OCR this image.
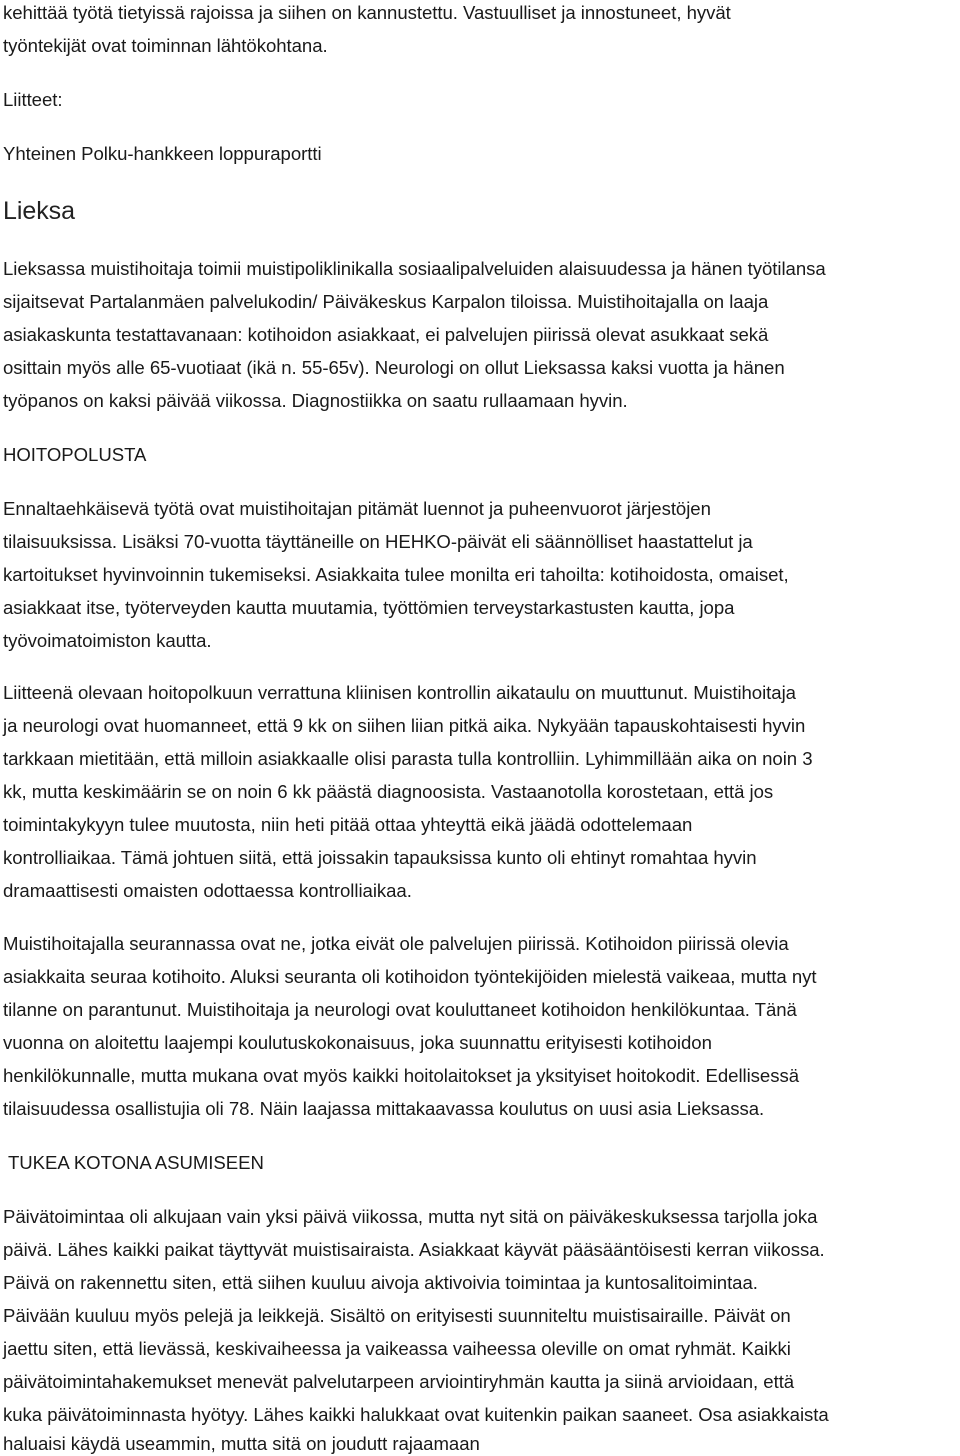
kehittää työtä tietyissä rajoissa ja siihen on kannustettu. Vastuulliset ja innostuneet, hyvät
työntekijät ovat toiminnan lähtökohtana.
Liitteet:
Yhteinen Polku-hankkeen loppuraportti
Lieksa
Lieksassa muistihoitaja toimii muistipoliklinikalla sosiaalipalveluiden alaisuudessa ja hänen työtilansa
sijaitsevat Partalanmäen palvelukodin/ Päiväkeskus Karpalon tiloissa. Muistihoitajalla on laaja
asiakaskunta testattavanaan: kotihoidon asiakkaat, ei palvelujen piirissä olevat asukkaat sekä
osittain myös alle 65-vuotiaat (ikä n. 55-65v). Neurologi on ollut Lieksassa kaksi vuotta ja hänen
työpanos on kaksi päivää viikossa. Diagnostiikka on saatu rullaamaan hyvin.
HOITOPOLUSTA
Ennaltaehkäisevä työtä ovat muistihoitajan pitämät luennot ja puheenvuorot järjestöjen
tilaisuuksissa. Lisäksi 70-vuotta täyttäneille on HEHKO-päivät eli säännölliset haastattelut ja
kartoitukset hyvinvoinnin tukemiseksi. Asiakkaita tulee monilta eri tahoilta: kotihoidosta, omaiset,
asiakkaat itse, työterveyden kautta muutamia, työttömien terveystarkastusten kautta, jopa
työvoimatoimiston kautta.
Liitteenä olevaan hoitopolkuun verrattuna kliinisen kontrollin aikataulu on muuttunut. Muistihoitaja
ja neurologi ovat huomanneet, että 9 kk on siihen liian pitkä aika. Nykyään tapauskohtaisesti hyvin
tarkkaan mietitään, että milloin asiakkaalle olisi parasta tulla kontrolliin. Lyhimmillään aika on noin 3
kk, mutta keskimäärin se on noin 6 kk päästä diagnoosista. Vastaanotolla korostetaan, että jos
toimintakykyyn tulee muutosta, niin heti pitää ottaa yhteyttä eikä jäädä odottelemaan
kontrolliaikaa. Tämä johtuen siitä, että joissakin tapauksissa kunto oli ehtinyt romahtaa hyvin
dramaattisesti omaisten odottaessa kontrolliaikaa.
Muistihoitajalla seurannassa ovat ne, jotka eivät ole palvelujen piirissä. Kotihoidon piirissä olevia
asiakkaita seuraa kotihoito. Aluksi seuranta oli kotihoidon työntekijöiden mielestä vaikeaa, mutta nyt
tilanne on parantunut. Muistihoitaja ja neurologi ovat kouluttaneet kotihoidon henkilökuntaa. Tänä
vuonna on aloitettu laajempi koulutuskokonaisuus, joka suunnattu erityisesti kotihoidon
henkilökunnalle, mutta mukana ovat myös kaikki hoitolaitokset ja yksityiset hoitokodit. Edellisessä
tilaisuudessa osallistujia oli 78. Näin laajassa mittakaavassa koulutus on uusi asia Lieksassa.
TUKEA KOTONA ASUMISEEN
Päivätoimintaa oli alkujaan vain yksi päivä viikossa, mutta nyt sitä on päiväkeskuksessa tarjolla joka
päivä. Lähes kaikki paikat täyttyvät muistisairaista. Asiakkaat käyvät pääsääntöisesti kerran viikossa.
Päivä on rakennettu siten, että siihen kuuluu aivoja aktivoivia toimintaa ja kuntosalitoimintaa.
Päivään kuuluu myös pelejä ja leikkejä. Sisältö on erityisesti suunniteltu muistisairaille. Päivät on
jaettu siten, että lievässä, keskivaiheessa ja vaikeassa vaiheessa oleville on omat ryhmät. Kaikki
päivätoimintahakemukset menevät palvelutarpeen arviointiryhmän kautta ja siinä arvioidaan, että
kuka päivätoiminnasta hyötyy. Lähes kaikki halukkaat ovat kuitenkin paikan saaneet. Osa asiakkaista
haluaisi käydä useammin, mutta sitä on joudutt rajaamaan
